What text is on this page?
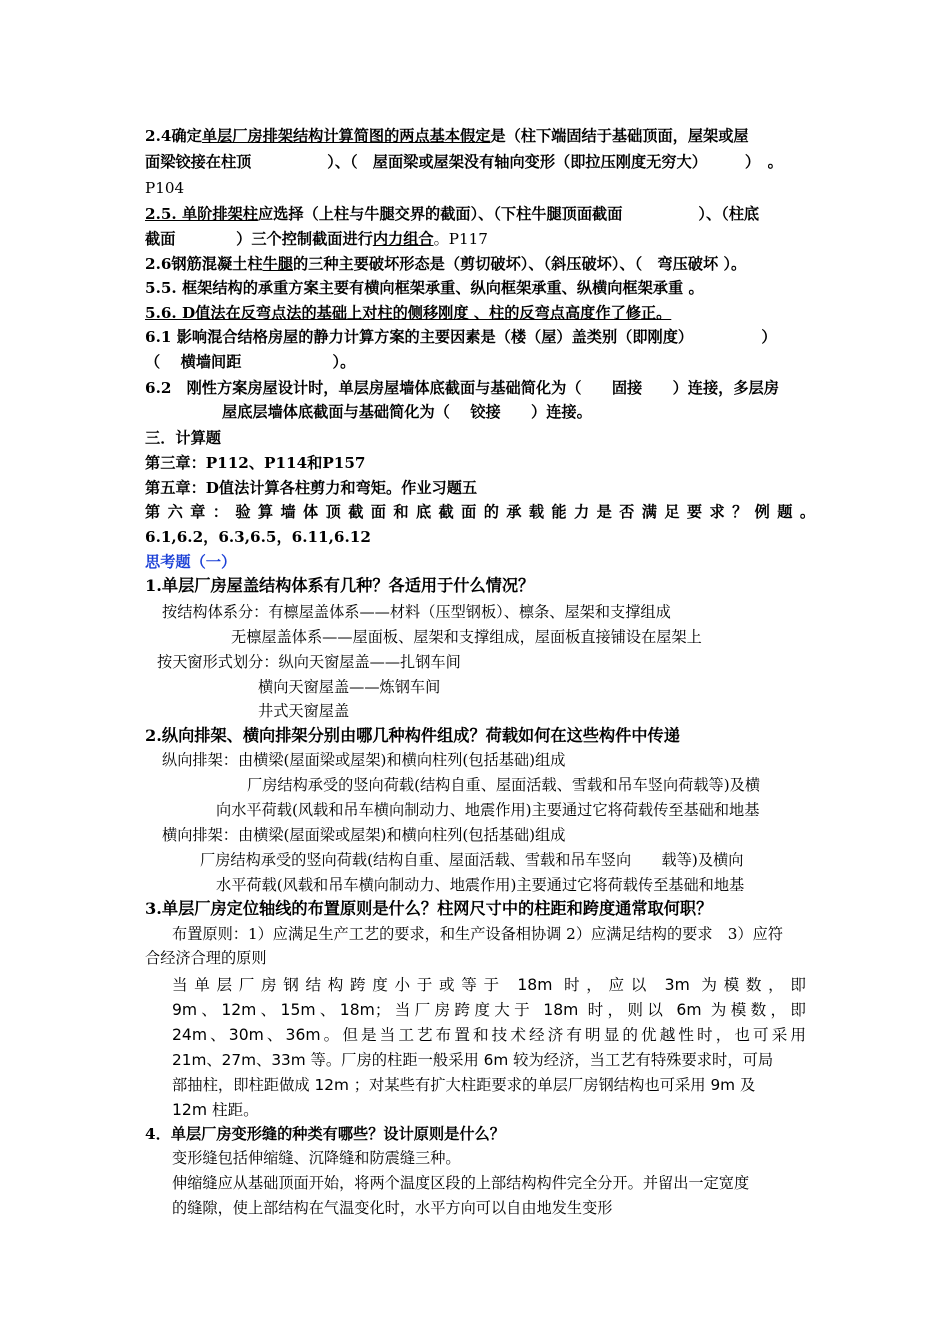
2.4确定单层厂房排架结构计算简图的两点基本假定是（柱下端固结于基础顶面，屋架或屋
面梁铰接在柱顶　　　　　）、（　屋面梁或屋架没有轴向变形（即拉压刚度无穷大）　　　）　。
P104
2.5. 单阶排架柱应选择（上柱与牛腿交界的截面）、（下柱牛腿顶面截面　　　　　）、（柱底
截面　　　　）三个控制截面进行内力组合。P117
2.6钢筋混凝土柱牛腿的三种主要破坏形态是（剪切破坏）、（斜压破坏）、（　弯压破坏 ）。
5.5. 框架结构的承重方案主要有横向框架承重、纵向框架承重、纵横向框架承重 。
5.6. D值法在反弯点法的基础上对柱的侧移刚度 、柱的反弯点高度作了修正。
6.1 影响混合结格房屋的静力计算方案的主要因素是（楼（屋）盖类别（即刚度）　　　　　）
（　 横墙间距　　　　　　）。
6.2　刚性方案房屋设计时，单层房屋墙体底截面与基础简化为（　　固接　　）连接，多层房
屋底层墙体底截面与基础简化为（　 铰接　　）连接。
三．计算题
第三章：P112、P114和P157
第五章：D值法计算各柱剪力和弯矩。作业习题五
第六章：验算墙体顶截面和底截面的承载能力是否满足要求？例题。
6.1,6.2，6.3,6.5，6.11,6.12
思考题（一）
1.单层厂房屋盖结构体系有几种？各适用于什么情况？
按结构体系分：有檩屋盖体系——材料（压型钢板）、檩条、屋架和支撑组成
无檩屋盖体系——屋面板、屋架和支撑组成，屋面板直接铺设在屋架上
按天窗形式划分：纵向天窗屋盖——扎钢车间
横向天窗屋盖——炼钢车间
井式天窗屋盖
2.纵向排架、横向排架分别由哪几种构件组成？荷载如何在这些构件中传递
纵向排架：由横梁(屋面梁或屋架)和横向柱列(包括基础)组成
厂房结构承受的竖向荷载(结构自重、屋面活载、雪载和吊车竖向荷载等)及横
向水平荷载(风载和吊车横向制动力、地震作用)主要通过它将荷载传至基础和地基
横向排架：由横梁(屋面梁或屋架)和横向柱列(包括基础)组成
厂房结构承受的竖向荷载(结构自重、屋面活载、雪载和吊车竖向　　载等)及横向
水平荷载(风载和吊车横向制动力、地震作用)主要通过它将荷载传至基础和地基
3.单层厂房定位轴线的布置原则是什么？柱网尺寸中的柱距和跨度通常取何职？
布置原则：1）应满足生产工艺的要求，和生产设备相协调 2）应满足结构的要求　3）应符
合经济合理的原则
当单层厂房钢结构跨度小于或等于 18m 时，应以 3m 为模数，即
9m、12m、15m、18m；当厂房跨度大于 18m 时，则以 6m 为模数，即
24m、30m、36m。但是当工艺布置和技术经济有明显的优越性时，也可采用
21m、27m、33m 等。厂房的柱距一般采用 6m 较为经济，当工艺有特殊要求时，可局
部抽柱，即柱距做成 12m ；对某些有扩大柱距要求的单层厂房钢结构也可采用 9m 及
12m 柱距。
4．单层厂房变形缝的种类有哪些？设计原则是什么？
变形缝包括伸缩缝、沉降缝和防震缝三种。
伸缩缝应从基础顶面开始，将两个温度区段的上部结构构件完全分开。并留出一定宽度
的缝隙，使上部结构在气温变化时，水平方向可以自由地发生变形
